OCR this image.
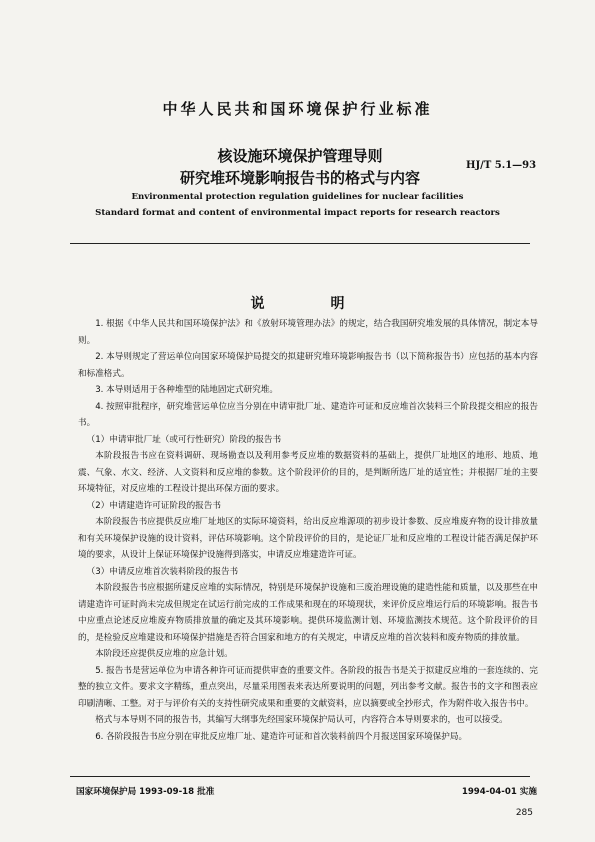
中华人民共和国环境保护行业标准
核设施环境保护管理导则
研究堆环境影响报告书的格式与内容
HJ/T 5.1—93
Environmental protection regulation guidelines for nuclear facilities
Standard format and content of environmental impact reports for research reactors
说　明

1. 根据《中华人民共和国环境保护法》和《放射环境管理办法》的规定，结合我国研究堆发展的具体情况，制定本导则。

2. 本导则规定了营运单位向国家环境保护局提交的拟建研究堆环境影响报告书（以下简称报告书）应包括的基本内容和标准格式。

3. 本导则适用于各种堆型的陆地固定式研究堆。

4. 按照审批程序，研究堆营运单位应当分别在申请审批厂址、建造许可证和反应堆首次装料三个阶段提交相应的报告书。

（1）申请审批厂址（或可行性研究）阶段的报告书

本阶段报告书应在资料调研、现场勘查以及利用参考反应堆的数据资料的基础上，提供厂址地区的地形、地质、地震、气象、水文、经济、人文资料和反应堆的参数。这个阶段评价的目的，是判断所选厂址的适宜性；并根据厂址的主要环境特征，对反应堆的工程设计提出环保方面的要求。

（2）申请建造许可证阶段的报告书

本阶段报告书应提供反应堆厂址地区的实际环境资料，给出反应堆源项的初步设计参数、反应堆废弃物的设计排放量和有关环境保护设施的设计资料，评估环境影响。这个阶段评价的目的，是论证厂址和反应堆的工程设计能否满足保护环境的要求，从设计上保证环境保护设施得到落实，申请反应堆建造许可证。

（3）申请反应堆首次装料阶段的报告书

本阶段报告书应根据所建反应堆的实际情况，特别是环境保护设施和三废治理设施的建造性能和质量，以及那些在申请建造许可证时尚未完成但规定在试运行前完成的工作成果和现在的环境现状，来评价反应堆运行后的环境影响。报告书中应重点论述反应堆废弃物质排放量的确定及其环境影响。提供环境监测计划、环境监测技术规范。这个阶段评价的目的，是检验反应堆建设和环境保护措施是否符合国家和地方的有关规定，申请反应堆的首次装料和废弃物质的排放量。

本阶段还应提供反应堆的应急计划。

5. 报告书是营运单位为申请各种许可证而提供审查的重要文件。各阶段的报告书是关于拟建反应堆的一套连续的、完整的独立文件。要求文字精练，重点突出，尽量采用图表来表达所要说明的问题，列出参考文献。报告书的文字和图表应印刷清晰、工整。对于与评价有关的支持性研究成果和重要的文献资料，应以摘要或全抄形式，作为附件收入报告书中。

格式与本导则不同的报告书，其编写大纲事先经国家环境保护局认可，内容符合本导则要求的，也可以接受。

6. 各阶段报告书应分别在审批反应堆厂址、建造许可证和首次装料前四个月报送国家环境保护局。

国家环境保护局 1993-09-18 批准	1994-04-01 实施
285
